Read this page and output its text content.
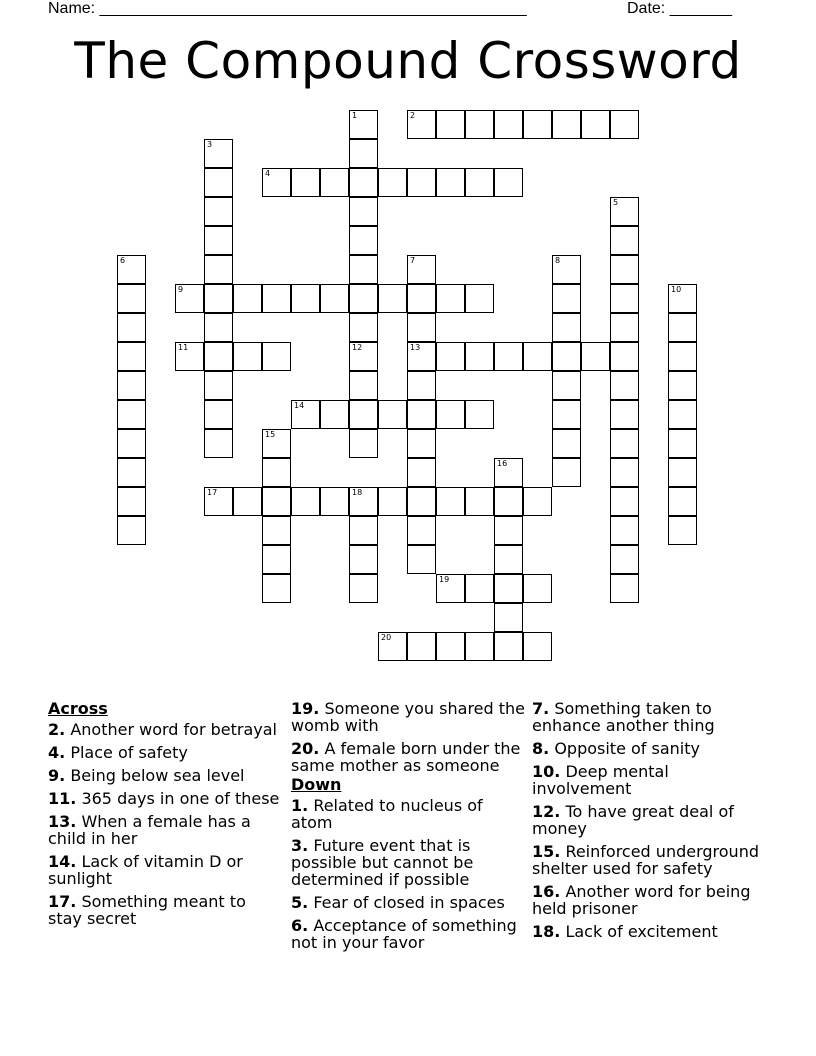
Name: ________________________________________________	Date: _______
The Compound Crossword
1	2
3
4
5
6	7
13
8
9	10
11	12
14
15
16
17	18
19
20
Across
2. Another word for betrayal
4. Place of safety
9. Being below sea level
11. 365 days in one of these
13. When a female has a child in her
14. Lack of vitamin D or sunlight
17. Something meant to stay secret
19. Someone you shared the womb with
20. A female born under the same mother as someone
Down
1. Related to nucleus of atom
3. Future event that is possible but cannot be determined if possible
5. Fear of closed in spaces
6. Acceptance of something not in your favor
7. Something taken to enhance another thing
8. Opposite of sanity
10. Deep mental involvement
12. To have great deal of money
15. Reinforced underground shelter used for safety
16. Another word for being held prisoner
18. Lack of excitement
